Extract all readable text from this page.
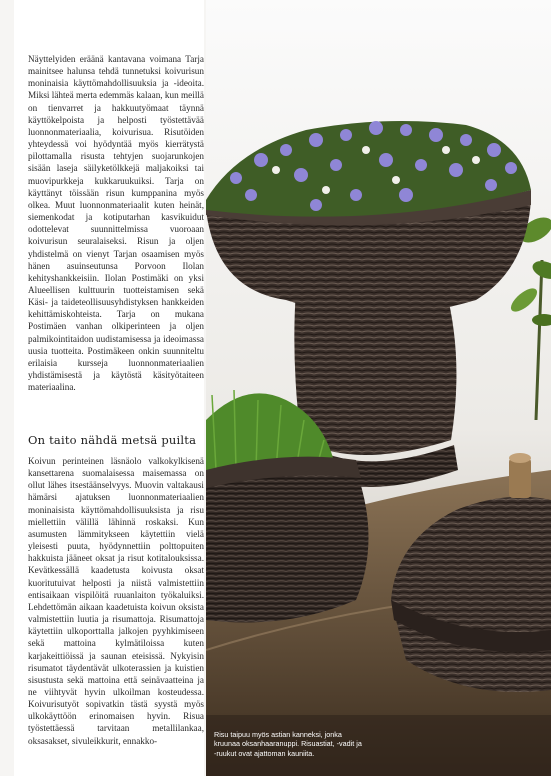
Näyttelyiden eräänä kantavana voimana Tarja mainitsee halunsa tehdä tunnetuksi koivurisun moninaisia käyttömahdollisuuksia ja -ideoita. Miksi lähteä merta edemmäs kalaan, kun meillä on tienvarret ja hakkuutyömaat täynnä käyttökelpoista ja helposti työstettävää luonnonmateriaalia, koivurisua. Risutöiden yhteydessä voi hyödyntää myös kierrätystä pilottamalla risusta tehtyjen suojarunkojen sisään laseja säilyketölkkejä maljakoiksi tai muovipurkkeja kukkaruukuiksi. Tarja on käyttänyt töissään risun kumppanina myös olkea. Muut luonnonmateriaalit kuten heinät, siemenkodat ja kotiputarhan kasvikuidut odottelevat suunnittelmissa vuoroaan koivurisun seuralaiseksi. Risun ja oljen yhdistelmä on vienyt Tarjan osaamisen myös hänen asuinseutunsa Porvoon Ilolan kehityshankkeisiin. Ilolan Postimäki on yksi Alueellisen kulttuurin tuotteistamisen sekä Käsi- ja taideteollisuusyhdistyksen hankkeiden kehittämiskohteista. Tarja on mukana Postimäen vanhan olkiperinteen ja oljen palmikointitaidon uudistamisessa ja ideoimassa uusia tuotteita. Postimäkeen onkin suunniteltu erilaisia kursseja luonnonmateriaalien yhdistämisestä ja käytöstä käsityötaiteen materiaalina.

On taito nähdä metsä puilta

Koivun perinteinen läsnäolo valkokylkisenä kansettarena suomalaisessa maisemassa on ollut lähes itsestäänselvyys. Muovin valtakausi hämärsi ajatuksen luonnonmateriaalien moninaisista käyttömahdollisuuksista ja risu miellettiin välillä lähinnä roskaksi. Kun asumusten lämmitykseen käytettiin vielä yleisesti puuta, hyödynnettiin polttopuiten hakkuista jääneet oksat ja risut kotitalouksissa. Kevätkessällä kaadetusta koivusta oksat kuoritutuivat helposti ja niistä valmistettiin entisaikaan vispilöitä ruuanlaiton työkaluiksi. Lehdettömän aikaan kaadetuista koivun oksista valmistettiin luutia ja risumattoja. Risumattoja käytettiin ulkoporttalla jalkojen pyyhkimiseen sekä mattoina kylmätiloissa kuten karjakeittiöissä ja saunan eteisissä. Nykyisin risumatot täydentävät ulkoterassien ja kuistien sisustusta sekä mattoina että seinävaatteina ja ne viihtyvät hyvin ulkoilman kosteudessa. Koivurisutyöt sopivatkin tästä syystä myös ulkokäyttöön erinomaisen hyvin. Risua työstettäessä tarvitaan metallilankaa, oksasakset, sivuleikkurit, ennakko-

Risu taipuu myös astian kanneksi, jonka kruunaa oksanhaaranuppi. Risuastiat, -vadit ja -ruukut ovat ajattoman kauniita.
